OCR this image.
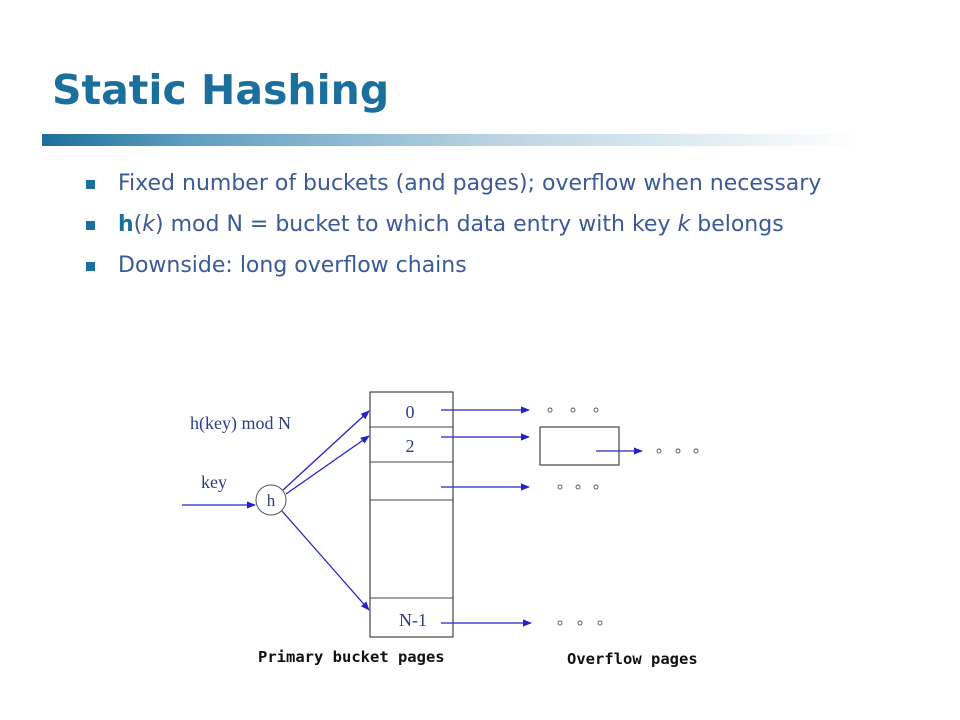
Static Hashing
Fixed number of buckets (and pages); overflow when necessary
h(k) mod N = bucket to which data entry with key k belongs
Downside: long overflow chains
h(key) mod N
key
h
0
2
N-1
Primary bucket pages	Overflow pages
